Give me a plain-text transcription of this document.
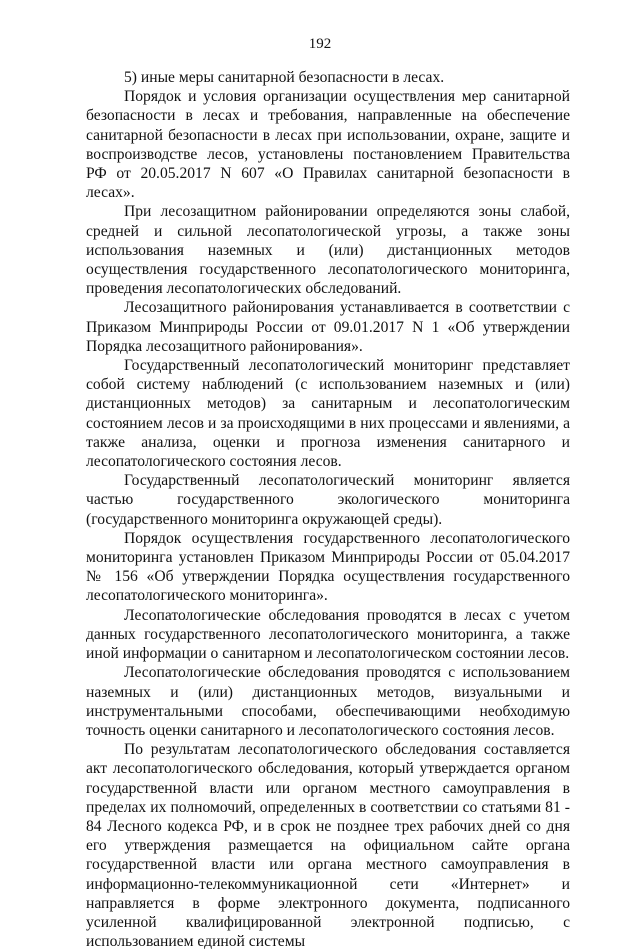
192

5) иные меры санитарной безопасности в лесах.

Порядок и условия организации осуществления мер санитарной безопасности в лесах и требования, направленные на обеспечение санитарной безопасности в лесах при использовании, охране, защите и воспроизводстве лесов, установлены постановлением Правительства РФ от 20.05.2017 N 607 «О Правилах санитарной безопасности в лесах».

При лесозащитном районировании определяются зоны слабой, средней и сильной лесопатологической угрозы, а также зоны использования наземных и (или) дистанционных методов осуществления государственного лесопатологического мониторинга, проведения лесопатологических обследований.

Лесозащитного районирования устанавливается в соответствии с Приказом Минприроды России от 09.01.2017 N 1 «Об утверждении Порядка лесозащитного районирования».

Государственный лесопатологический мониторинг представляет собой систему наблюдений (с использованием наземных и (или) дистанционных методов) за санитарным и лесопатологическим состоянием лесов и за происходящими в них процессами и явлениями, а также анализа, оценки и прогноза изменения санитарного и лесопатологического состояния лесов.

Государственный лесопатологический мониторинг является частью государственного экологического мониторинга (государственного мониторинга окружающей среды).

Порядок осуществления государственного лесопатологического мониторинга установлен Приказом Минприроды России от 05.04.2017 № 156 «Об утверждении Порядка осуществления государственного лесопатологического мониторинга».

Лесопатологические обследования проводятся в лесах с учетом данных государственного лесопатологического мониторинга, а также иной информации о санитарном и лесопатологическом состоянии лесов.

Лесопатологические обследования проводятся с использованием наземных и (или) дистанционных методов, визуальными и инструментальными способами, обеспечивающими необходимую точность оценки санитарного и лесопатологического состояния лесов.

По результатам лесопатологического обследования составляется акт лесопатологического обследования, который утверждается органом государственной власти или органом местного самоуправления в пределах их полномочий, определенных в соответствии со статьями 81 - 84 Лесного кодекса РФ, и в срок не позднее трех рабочих дней со дня его утверждения размещается на официальном сайте органа государственной власти или органа местного самоуправления в информационно-телекоммуникационной сети «Интернет» и направляется в форме электронного документа, подписанного усиленной квалифицированной электронной подписью, с использованием единой системы
